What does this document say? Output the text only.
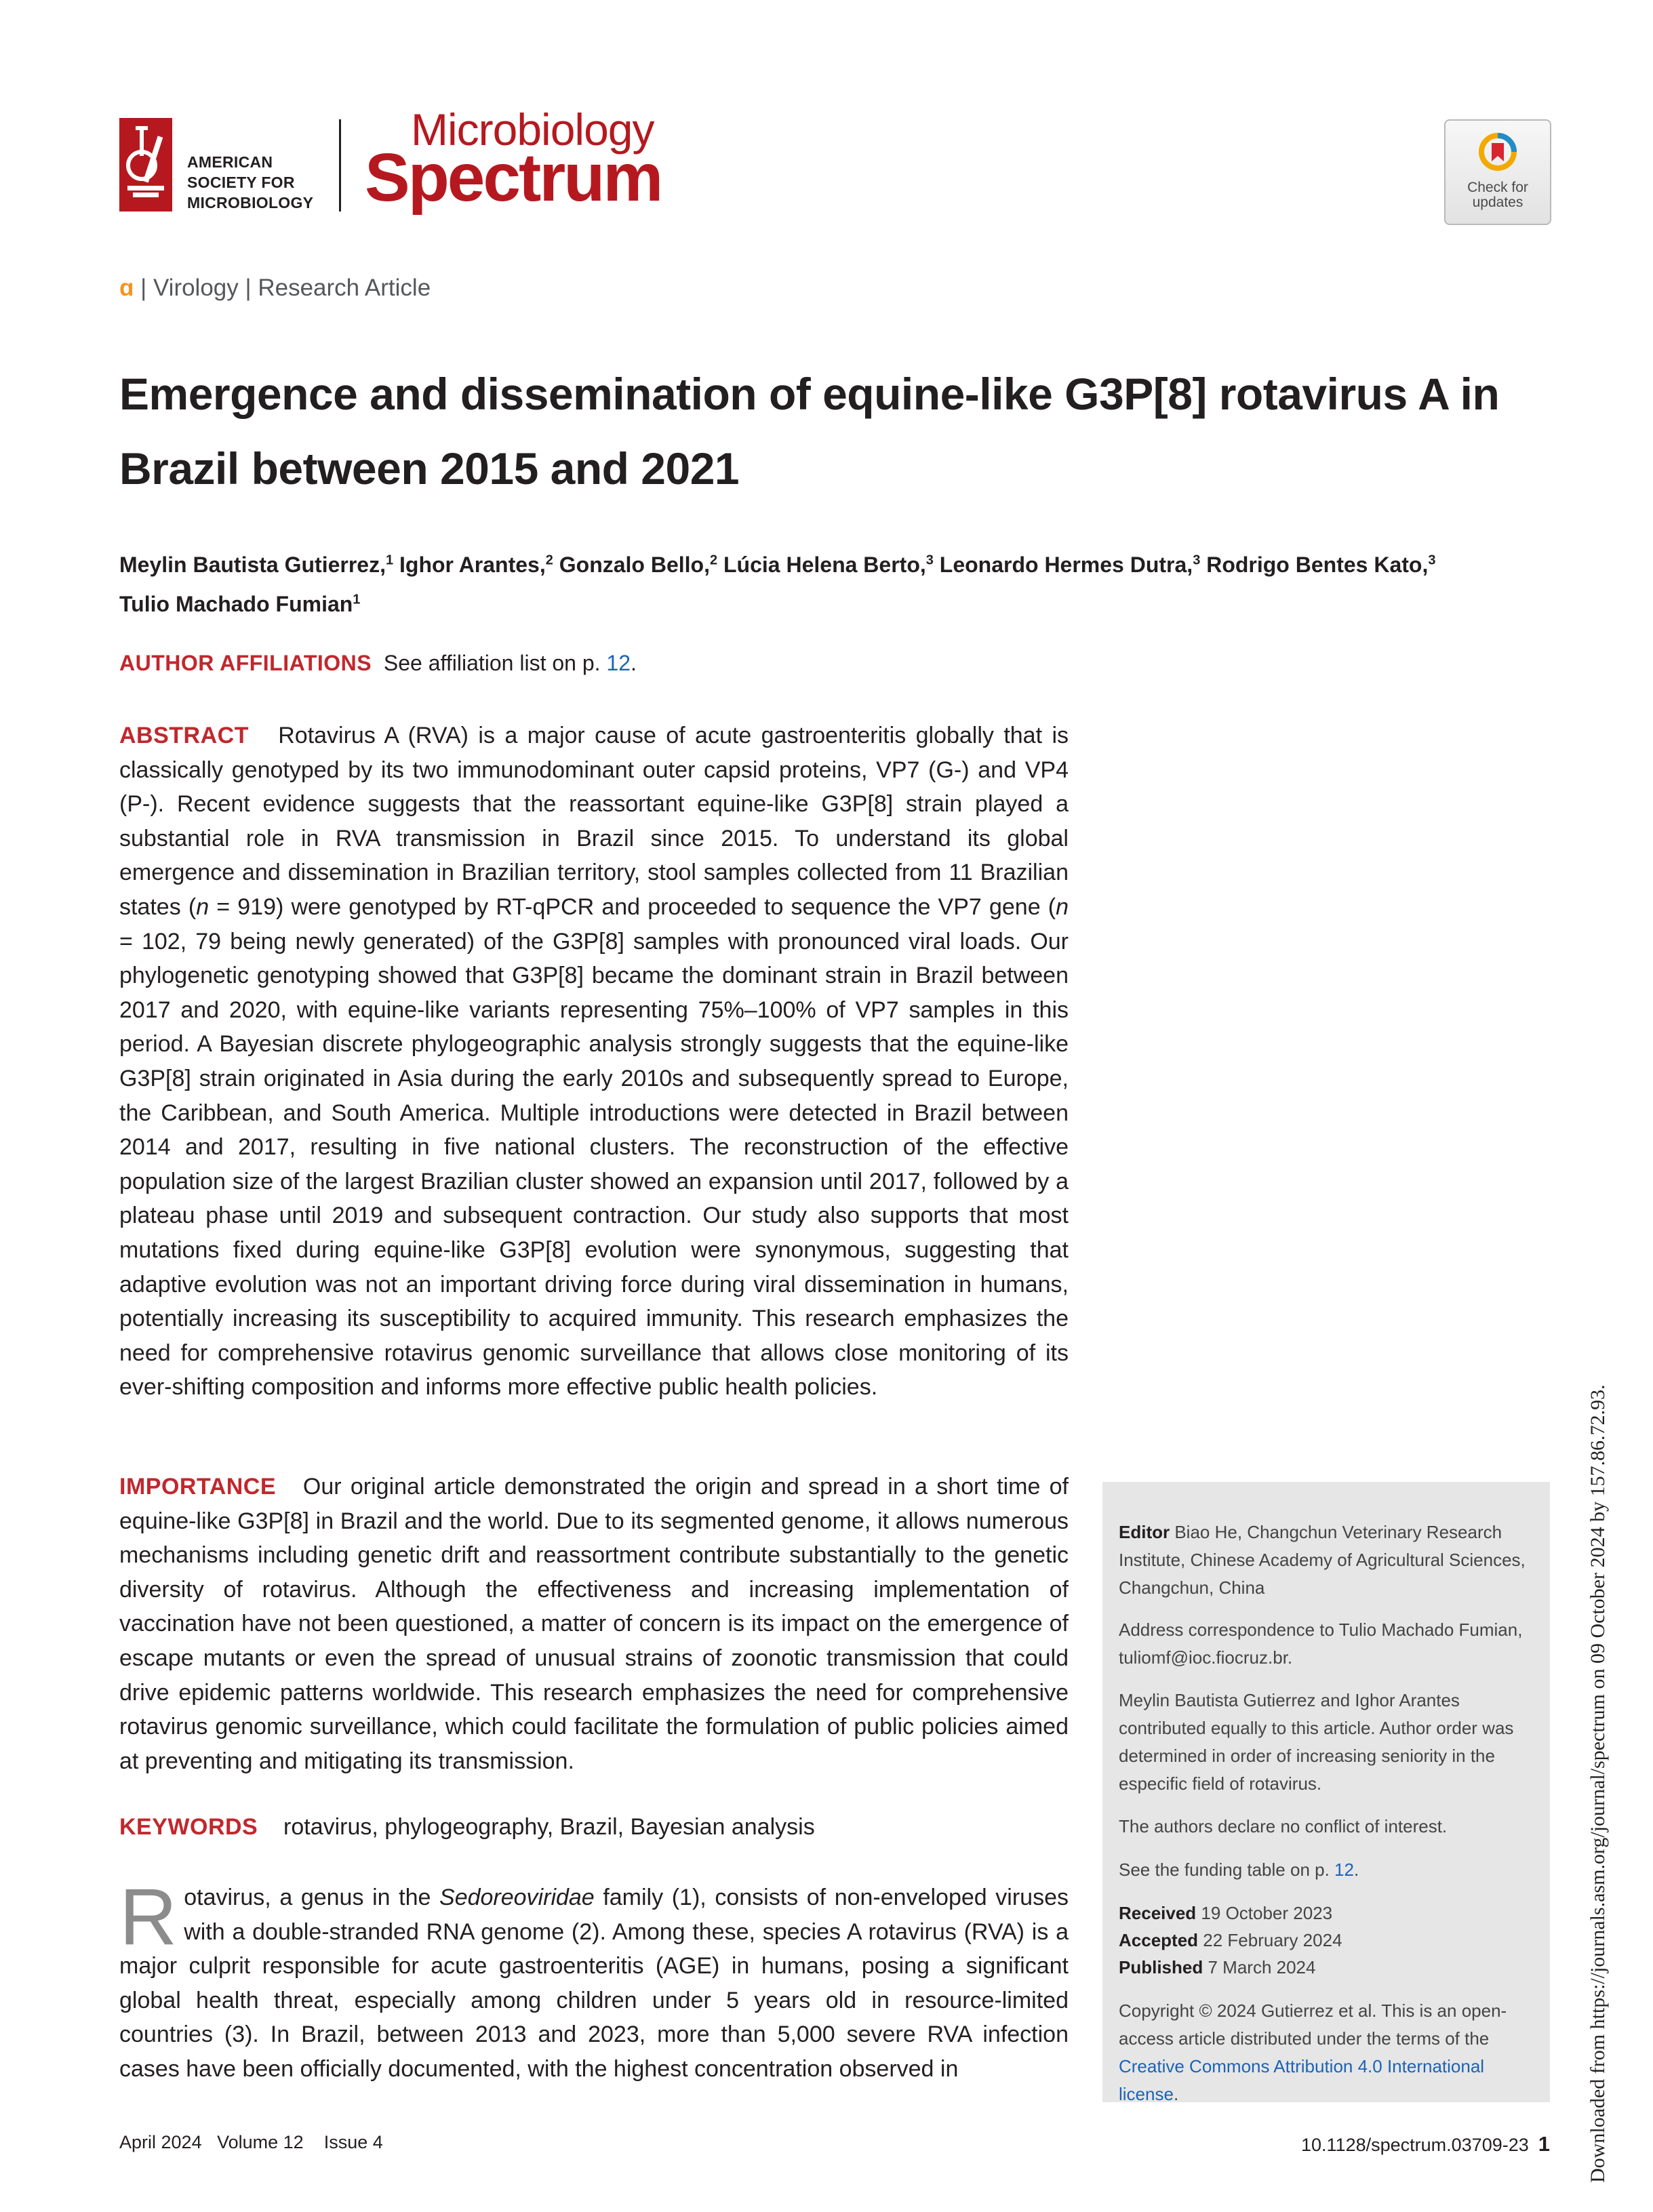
AMERICAN
SOCIETY FOR
MICROBIOLOGY
Microbiology
Spectrum	Check for
updates
ɑ | Virology | Research Article
Emergence and dissemination of equine-like G3P[8] rotavirus A in Brazil between 2015 and 2021
Meylin Bautista Gutierrez,$^1$ Ighor Arantes,$^2$ Gonzalo Bello,$^2$ Lúcia Helena Berto,$^3$ Leonardo Hermes Dutra,$^3$ Rodrigo Bentes Kato,$^3$
Tulio Machado Fumian$^1$
AUTHOR AFFILIATIONS See affiliation list on p. 12.
ABSTRACT Rotavirus A (RVA) is a major cause of acute gastroenteritis globally that is classically genotyped by its two immunodominant outer capsid proteins, VP7 (G-) and VP4 (P-). Recent evidence suggests that the reassortant equine-like G3P[8] strain played a substantial role in RVA transmission in Brazil since 2015. To understand its global emergence and dissemination in Brazilian territory, stool samples collected from 11 Brazilian states (n = 919) were genotyped by RT-qPCR and proceeded to sequence the VP7 gene (n = 102, 79 being newly generated) of the G3P[8] samples with pronounced viral loads. Our phylogenetic genotyping showed that G3P[8] became the dominant strain in Brazil between 2017 and 2020, with equine-like variants representing 75%–100% of VP7 samples in this period. A Bayesian discrete phylogeographic analysis strongly suggests that the equine-like G3P[8] strain originated in Asia during the early 2010s and subsequently spread to Europe, the Caribbean, and South America. Multiple introductions were detected in Brazil between 2014 and 2017, resulting in five national clusters. The reconstruction of the effective population size of the largest Brazilian cluster showed an expansion until 2017, followed by a plateau phase until 2019 and subsequent contraction. Our study also supports that most mutations fixed during equine-like G3P[8] evolution were synonymous, suggesting that adaptive evolution was not an important driving force during viral dissemination in humans, potentially increasing its susceptibility to acquired immunity. This research emphasizes the need for comprehensive rotavirus genomic surveillance that allows close monitoring of its ever-shifting composition and informs more effective public health policies.
IMPORTANCE Our original article demonstrated the origin and spread in a short time of equine-like G3P[8] in Brazil and the world. Due to its segmented genome, it allows numerous mechanisms including genetic drift and reassortment contribute substantially to the genetic diversity of rotavirus. Although the effectiveness and increasing implementation of vaccination have not been questioned, a matter of concern is its impact on the emergence of escape mutants or even the spread of unusual strains of zoonotic transmission that could drive epidemic patterns worldwide. This research emphasizes the need for comprehensive rotavirus genomic surveillance, which could facilitate the formulation of public policies aimed at preventing and mitigating its transmission.
KEYWORDS rotavirus, phylogeography, Brazil, Bayesian analysis
Rotavirus, a genus in the Sedoreoviridae family (1), consists of non-enveloped viruses with a double-stranded RNA genome (2). Among these, species A rotavirus (RVA) is a major culprit responsible for acute gastroenteritis (AGE) in humans, posing a significant global health threat, especially among children under 5 years old in resource-limited countries (3). In Brazil, between 2013 and 2023, more than 5,000 severe RVA infection cases have been officially documented, with the highest concentration observed in
Editor Biao He, Changchun Veterinary Research Institute, Chinese Academy of Agricultural Sciences, Changchun, China
Address correspondence to Tulio Machado Fumian, tuliomf@ioc.fiocruz.br.
Meylin Bautista Gutierrez and Ighor Arantes contributed equally to this article. Author order was determined in order of increasing seniority in the especific field of rotavirus.
The authors declare no conflict of interest.
See the funding table on p. 12.
Received 19 October 2023
Accepted 22 February 2024
Published 7 March 2024
Copyright © 2024 Gutierrez et al. This is an open-access article distributed under the terms of the Creative Commons Attribution 4.0 International license.
April 2024 Volume 12 Issue 4	10.1128/spectrum.03709-23 1 Downloaded from https://journals.asm.org/journal/spectrum on 09 October 2024 by 157.86.72.93.
